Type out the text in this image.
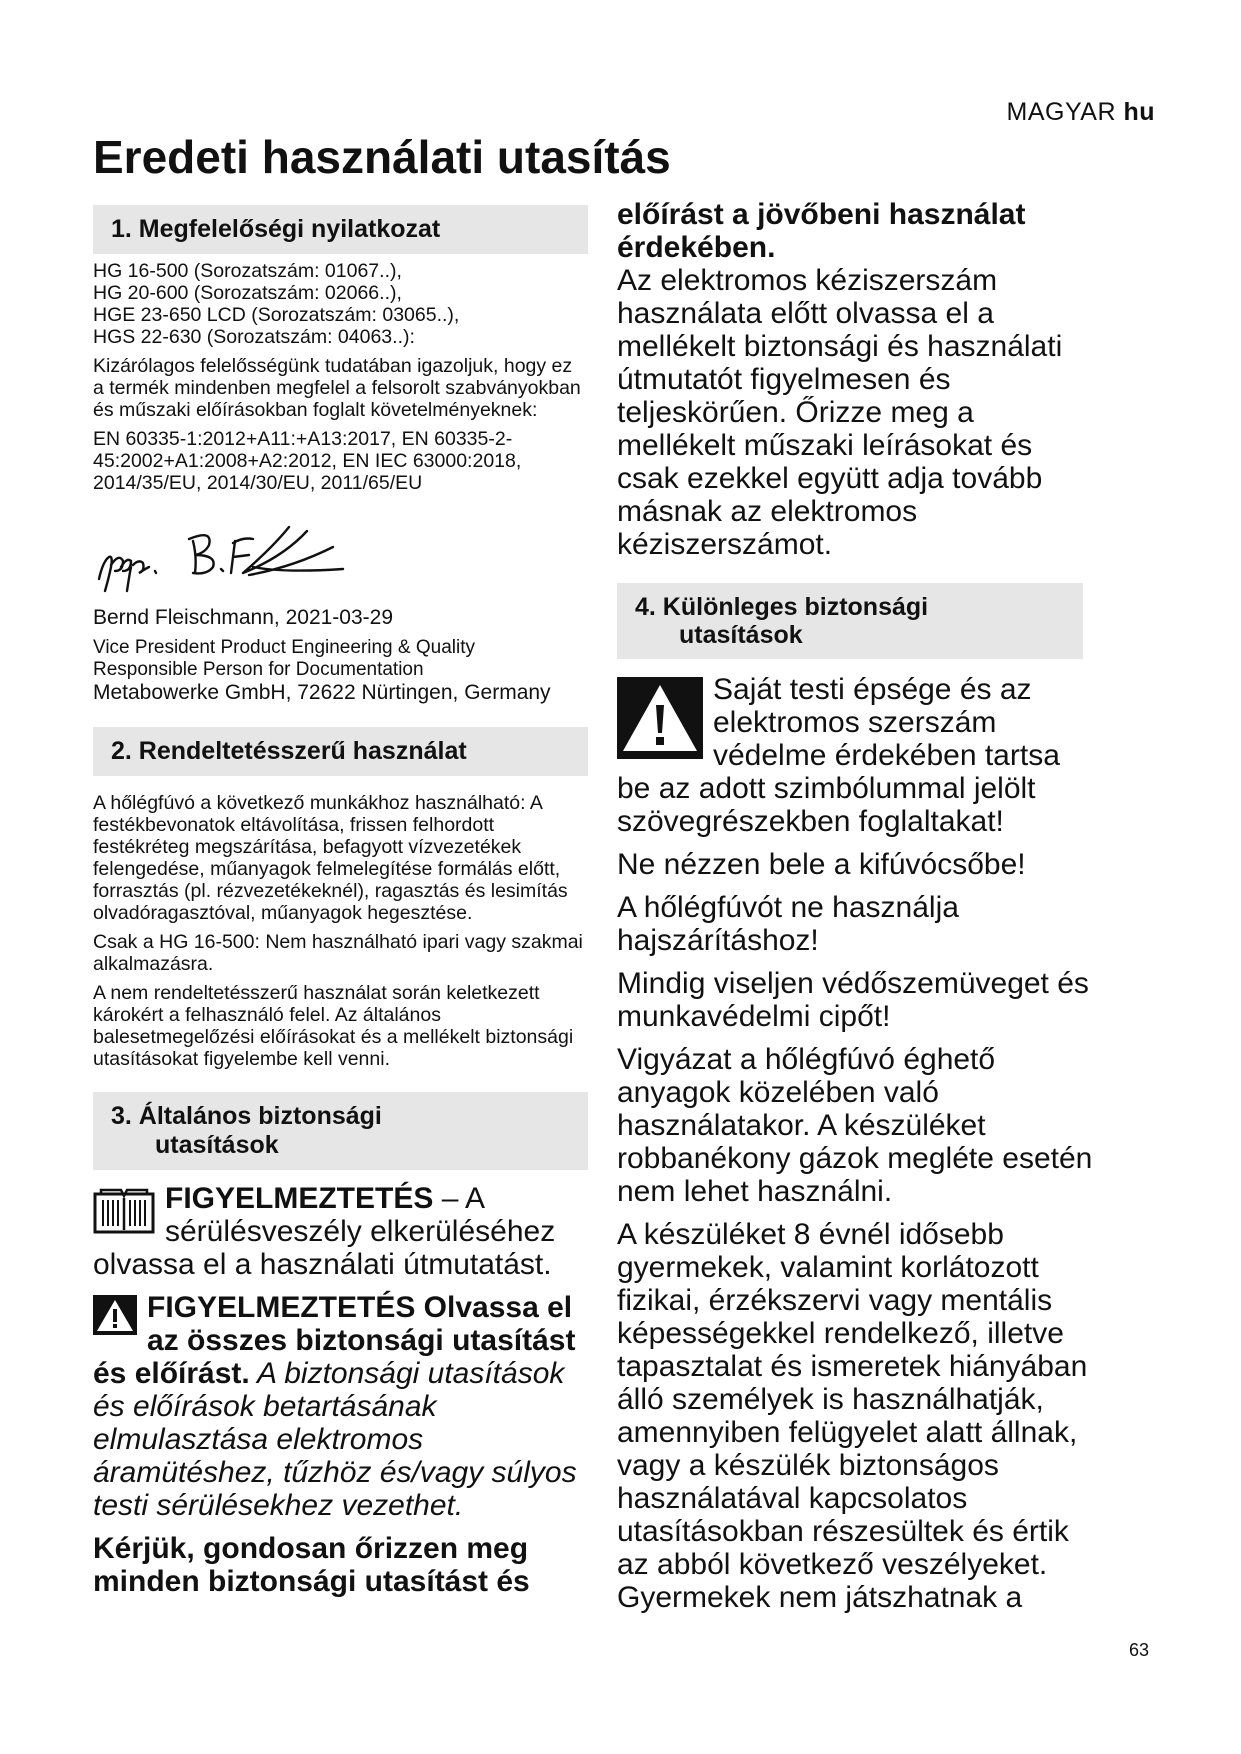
MAGYAR hu
Eredeti használati utasítás
1. Megfelelőségi nyilatkozat

HG 16-500 (Sorozatszám: 01067..),
HG 20-600 (Sorozatszám: 02066..),
HGE 23-650 LCD (Sorozatszám: 03065..),
HGS 22-630 (Sorozatszám: 04063..):

Kizárólagos felelősségünk tudatában igazoljuk, hogy ez a termék mindenben megfelel a felsorolt szabványokban és műszaki előírásokban foglalt követelményeknek:

EN 60335-1:2012+A11:+A13:2017, EN 60335-2-45:2002+A1:2008+A2:2012, EN IEC 63000:2018, 2014/35/EU, 2014/30/EU, 2011/65/EU

Bernd Fleischmann, 2021-03-29

Vice President Product Engineering & Quality
Responsible Person for Documentation

Metabowerke GmbH, 72622 Nürtingen, Germany

2. Rendeltetésszerű használat

A hőlégfúvó a következő munkákhoz használható: A festékbevonatok eltávolítása, frissen felhordott festékréteg megszárítása, befagyott vízvezetékek felengedése, műanyagok felmelegítése formálás előtt, forrasztás (pl. rézvezetékeknél), ragasztás és lesimítás olvadóragasztóval, műanyagok hegesztése.

Csak a HG 16-500: Nem használható ipari vagy szakmai alkalmazásra.

A nem rendeltetésszerű használat során keletkezett károkért a felhasználó felel. Az általános balesetmegelőzési előírásokat és a mellékelt biztonsági utasításokat figyelembe kell venni.

3. Általános biztonsági
utasítások

FIGYELMEZTETÉS – A sérülésveszély elkerüléséhez olvassa el a használati útmutatást.

FIGYELMEZTETÉS Olvassa el az összes biztonsági utasítást és előírást. A biztonsági utasítások és előírások betartásának elmulasztása elektromos áramütéshez, tűzhöz és/vagy súlyos testi sérülésekhez vezethet.

Kérjük, gondosan őrizzen meg minden biztonsági utasítást és

előírást a jövőbeni használat érdekében.

Az elektromos kéziszerszám használata előtt olvassa el a mellékelt biztonsági és használati útmutatót figyelmesen és teljeskörűen. Őrizze meg a mellékelt műszaki leírásokat és csak ezekkel együtt adja tovább másnak az elektromos kéziszerszámot.

4. Különleges biztonsági
utasítások

Saját testi épsége és az elektromos szerszám védelme érdekében tartsa be az adott szimbólummal jelölt szövegrészekben foglaltakat!

Ne nézzen bele a kifúvócsőbe!

A hőlégfúvót ne használja hajszárításhoz!

Mindig viseljen védőszemüveget és munkavédelmi cipőt!

Vigyázat a hőlégfúvó éghető anyagok közelében való használatakor. A készüléket robbanékony gázok megléte esetén nem lehet használni.

A készüléket 8 évnél idősebb gyermekek, valamint korlátozott fizikai, érzékszervi vagy mentális képességekkel rendelkező, illetve tapasztalat és ismeretek hiányában álló személyek is használhatják, amennyiben felügyelet alatt állnak, vagy a készülék biztonságos használatával kapcsolatos utasításokban részesültek és értik az abból következő veszélyeket. Gyermekek nem játszhatnak a

63
